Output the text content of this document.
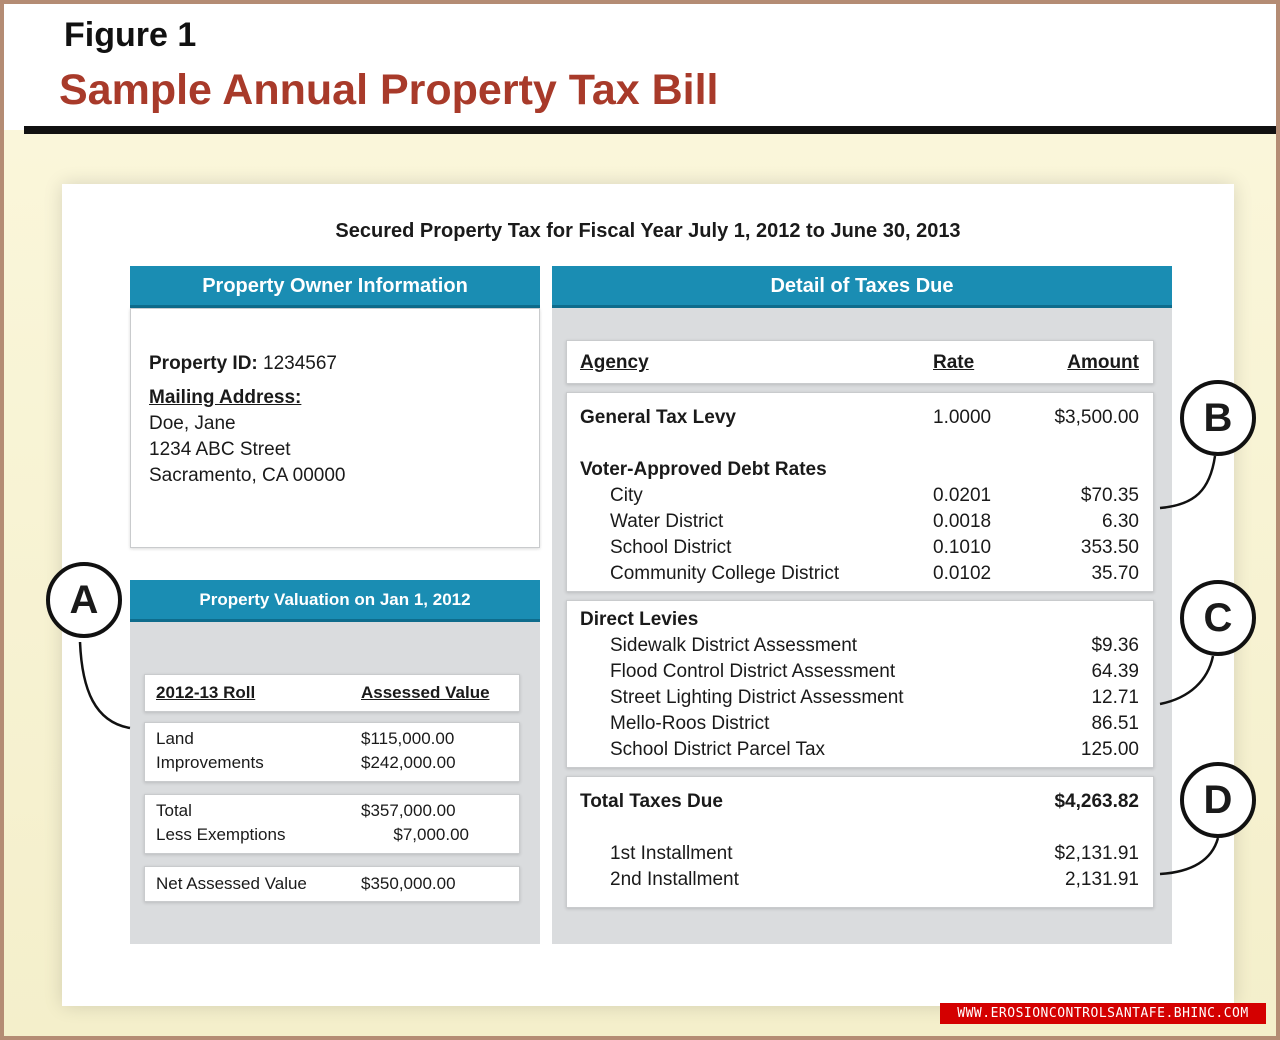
Figure 1
Sample Annual Property Tax Bill
Secured Property Tax for Fiscal Year July 1, 2012 to June 30, 2013
Property Owner Information
Property ID: 1234567
Mailing Address:
Doe, Jane
1234 ABC Street
Sacramento, CA 00000
Property Valuation on Jan 1, 2012
2012-13 Roll	Assessed Value
Land	$115,000.00
Improvements	$242,000.00
Total	$357,000.00
Less Exemptions	$7,000.00
Net Assessed Value	$350,000.00
Detail of Taxes Due
Agency	Rate	Amount
General Tax Levy	1.0000	$3,500.00
Voter-Approved Debt Rates
City	0.0201	$70.35
Water District	0.0018	6.30
School District	0.1010	353.50
Community College District	0.0102	35.70
Direct Levies
Sidewalk District Assessment	$9.36
Flood Control District Assessment	64.39
Street Lighting District Assessment	12.71
Mello-Roos District	86.51
School District Parcel Tax	125.00
Total Taxes Due	$4,263.82
1st Installment	$2,131.91
2nd Installment	2,131.91
A
B
C
D
WWW.EROSIONCONTROLSANTAFE.BHINC.COM
